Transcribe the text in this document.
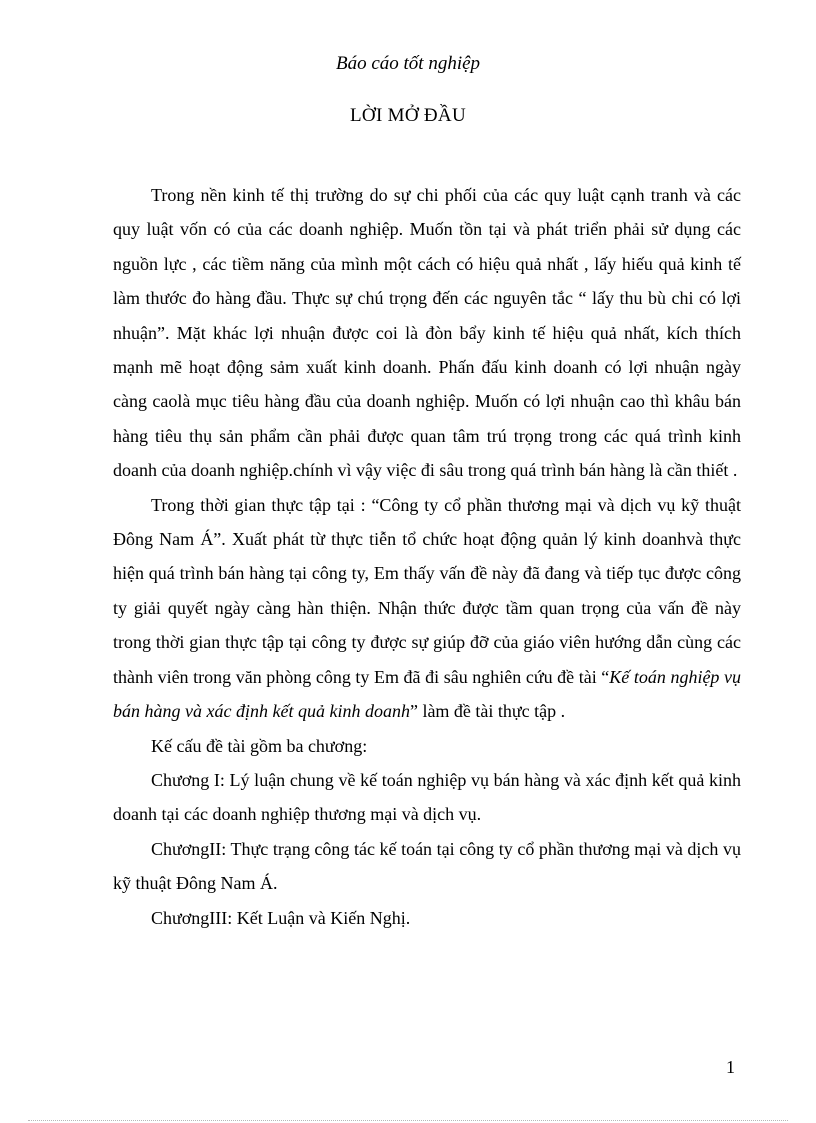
Báo cáo tốt nghiệp
LỜI MỞ ĐẦU

Trong nền kinh tế thị trường do sự chi phối của các quy luật cạnh tranh và các quy luật vốn có của các doanh nghiệp. Muốn tồn tại và phát triển phải sử dụng các nguồn lực , các tiềm năng của mình một cách có hiệu quả nhất , lấy hiếu quả kinh tế làm thước đo hàng đầu. Thực sự chú trọng đến các nguyên tắc “ lấy thu bù chi có lợi nhuận”. Mặt khác lợi nhuận được coi là đòn bẩy kinh tế hiệu quả nhất, kích thích mạnh mẽ hoạt động sảm xuất kinh doanh. Phấn đấu kinh doanh có lợi nhuận ngày càng caolà mục tiêu hàng đầu của doanh nghiệp. Muốn có lợi nhuận cao thì khâu bán hàng tiêu thụ sản phẩm cần phải được quan tâm trú trọng trong các quá trình kinh doanh của doanh nghiệp.chính vì vậy việc đi sâu trong quá trình bán hàng là cần thiết .

Trong thời gian thực tập tại : “Công ty cổ phần thương mại và dịch vụ kỹ thuật Đông Nam Á”. Xuất phát từ thực tiễn tổ chức hoạt động quản lý kinh doanhvà thực hiện quá trình bán hàng tại công ty, Em thấy vấn đề này đã đang và tiếp tục được công ty giải quyết ngày càng hàn thiện. Nhận thức được tầm quan trọng của vấn đề này trong thời gian thực tập tại công ty được sự giúp đỡ của giáo viên hướng dẫn cùng các thành viên trong văn phòng công ty Em đã đi sâu nghiên cứu đề tài “Kế toán nghiệp vụ bán hàng và xác định kết quả kinh doanh” làm đề tài thực tập .

Kế cấu đề tài gồm ba chương:

Chương I: Lý luận chung về kế toán nghiệp vụ bán hàng và xác định kết quả kinh doanh tại các doanh nghiệp thương mại và dịch vụ.

ChươngII: Thực trạng công tác kế toán tại công ty cổ phần thương mại và dịch vụ kỹ thuật Đông Nam Á.

ChươngIII: Kết Luận và Kiến Nghị.

1
